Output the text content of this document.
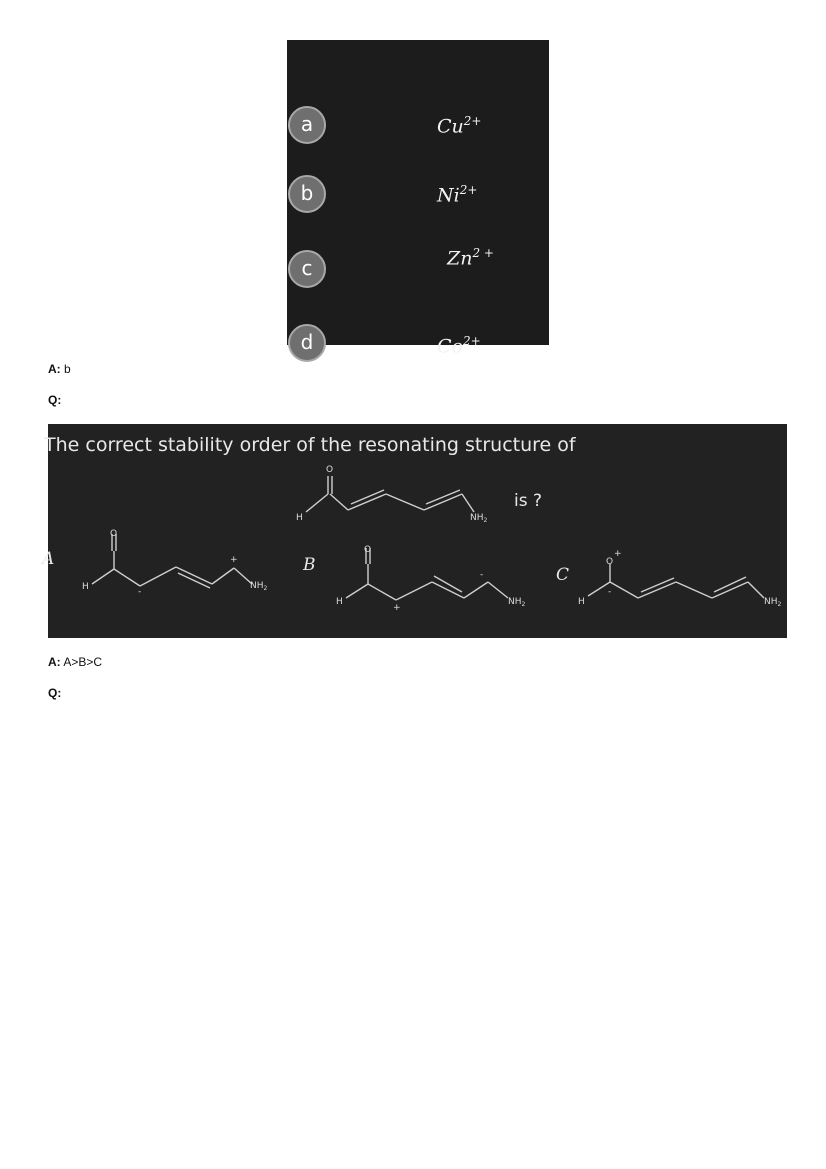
a	$Cu^{2+}$
b	$Ni^{2+}$
c	$Zn^{2 +}$
d	$Co^{2+}$
A: b
Q:
O
H	$NH_2$
O
H	-
+
$NH_2$
O
H
+
-
$NH_2$
O
+
H
-
$NH_2$
The correct stability order of the resonating structure of
is ?
A	B	C
A: A>B>C
Q:
